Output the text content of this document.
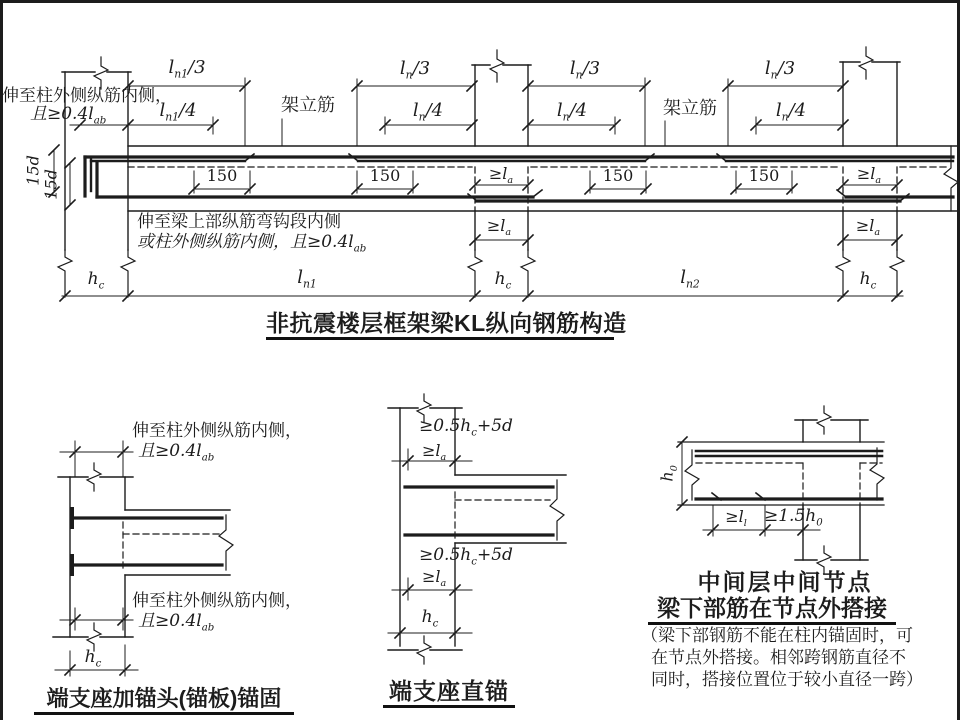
伸至柱外侧纵筋内侧，
且$\ge 0.4l_{ab}$
$l_{n1}/3$
$l_{n1}/4$
$l_n/3$
$l_n/4$
$l_n/3$
$l_n/4$
$l_n/3$
$l_n/4$
架立筋	架立筋
15d 15d	150	150	150	150
$\ge l_a$	$\ge l_a$
$\ge l_a$	$\ge l_a$
伸至梁上部纵筋弯钩段内侧
或柱外侧纵筋内侧，且$\ge 0.4l_{ab}$
$h_c$	$l_{n1}$	$h_c$	$l_{n2}$	$h_c$
非抗震楼层框架梁KL纵向钢筋构造
伸至柱外侧纵筋内侧，
且$\ge 0.4l_{ab}$
伸至柱外侧纵筋内侧，
且$\ge 0.4l_{ab}$
$h_c$
端支座加锚头(锚板)锚固
$\ge 0.5h_c+5d$
$\ge l_a$
$\ge 0.5h_c+5d$
$\ge l_a$
$h_c$
端支座直锚
$h_0$
$\ge l_l$	$\ge 1.5h_0$
中间层中间节点
梁下部筋在节点外搭接
（梁下部钢筋不能在柱内锚固时，可
在节点外搭接。相邻跨钢筋直径不
同时，搭接位置位于较小直径一跨）
